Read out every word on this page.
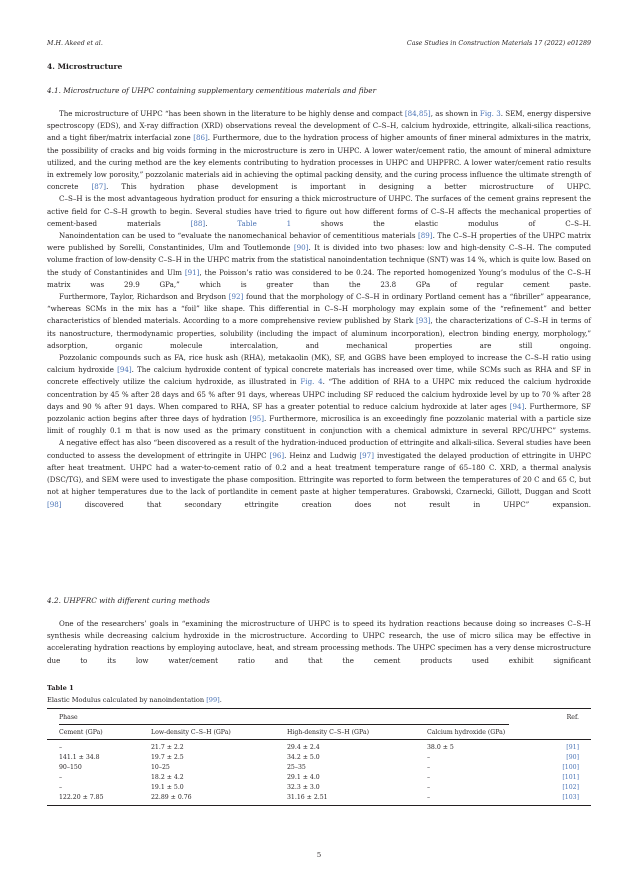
M.H. Akeed et al.	Case Studies in Construction Materials 17 (2022) e01289
4. Microstructure
4.1. Microstructure of UHPC containing supplementary cementitious materials and fiber

The microstructure of UHPC “has been shown in the literature to be highly dense and compact [84,85], as shown in Fig. 3. SEM, energy dispersive spectroscopy (EDS), and X-ray diffraction (XRD) observations reveal the development of C–S–H, calcium hydroxide, ettringite, alkali-silica reactions, and a tight fiber/matrix interfacial zone [86]. Furthermore, due to the hydration process of higher amounts of finer mineral admixtures in the matrix, the possibility of cracks and big voids forming in the microstructure is zero in UHPC. A lower water/cement ratio, the amount of mineral admixture utilized, and the curing method are the key elements contributing to hydration processes in UHPC and UHPFRC. A lower water/cement ratio results in extremely low porosity,” pozzolanic materials aid in achieving the optimal packing density, and the curing process influence the ultimate strength of concrete [87]. This hydration phase development is important in designing a better microstructure of UHPC.

C–S–H is the most advantageous hydration product for ensuring a thick microstructure of UHPC. The surfaces of the cement grains represent the active field for C–S–H growth to begin. Several studies have tried to figure out how different forms of C–S–H affects the mechanical properties of cement-based materials [88]. Table 1 shows the elastic modulus of C–S–H.

Nanoindentation can be used to “evaluate the nanomechanical behavior of cementitious materials [89]. The C–S–H properties of the UHPC matrix were published by Sorelli, Constantinides, Ulm and Toutlemonde [90]. It is divided into two phases: low and high-density C–S–H. The computed volume fraction of low-density C–S–H in the UHPC matrix from the statistical nanoindentation technique (SNT) was 14 %, which is quite low. Based on the study of Constantinides and Ulm [91], the Poisson’s ratio was considered to be 0.24. The reported homogenized Young’s modulus of the C–S–H matrix was 29.9 GPa,” which is greater than the 23.8 GPa of regular cement paste.

Furthermore, Taylor, Richardson and Brydson [92] found that the morphology of C–S–H in ordinary Portland cement has a “fibriller” appearance, “whereas SCMs in the mix has a “foil” like shape. This differential in C–S–H morphology may explain some of the “refinement” and better characteristics of blended materials. According to a more comprehensive review published by Stark [93], the characterizations of C–S–H in terms of its nanostructure, thermodynamic properties, solubility (including the impact of aluminum incorporation), electron binding energy, morphology,” adsorption, organic molecule intercalation, and mechanical properties are still ongoing.

Pozzolanic compounds such as FA, rice husk ash (RHA), metakaolin (MK), SF, and GGBS have been employed to increase the C–S–H ratio using calcium hydroxide [94]. The calcium hydroxide content of typical concrete materials has increased over time, while SCMs such as RHA and SF in concrete effectively utilize the calcium hydroxide, as illustrated in Fig. 4. “The addition of RHA to a UHPC mix reduced the calcium hydroxide concentration by 45 % after 28 days and 65 % after 91 days, whereas UHPC including SF reduced the calcium hydroxide level by up to 70 % after 28 days and 90 % after 91 days. When compared to RHA, SF has a greater potential to reduce calcium hydroxide at later ages [94]. Furthermore, SF pozzolanic action begins after three days of hydration [95]. Furthermore, microsilica is an exceedingly fine pozzolanic material with a particle size limit of roughly 0.1 m that is now used as the primary constituent in conjunction with a chemical admixture in several RPC/UHPC” systems.

A negative effect has also “been discovered as a result of the hydration-induced production of ettringite and alkali-silica. Several studies have been conducted to assess the development of ettringite in UHPC [96]. Heinz and Ludwig [97] investigated the delayed production of ettringite in UHPC after heat treatment. UHPC had a water-to-cement ratio of 0.2 and a heat treatment temperature range of 65–180 C. XRD, a thermal analysis (DSC/TG), and SEM were used to investigate the phase composition. Ettringite was reported to form between the temperatures of 20 C and 65 C, but not at higher temperatures due to the lack of portlandite in cement paste at higher temperatures. Grabowski, Czarnecki, Gillott, Duggan and Scott [98] discovered that secondary ettringite creation does not result in UHPC” expansion.

4.2. UHPFRC with different curing methods

One of the researchers’ goals in “examining the microstructure of UHPC is to speed its hydration reactions because doing so increases C–S–H synthesis while decreasing calcium hydroxide in the microstructure. According to UHPC research, the use of micro silica may be effective in accelerating hydration reactions by employing autoclave, heat, and stream processing methods. The UHPC specimen has a very dense microstructure due to its low water/cement ratio and that the cement products used exhibit significant

Table 1
Elastic Modulus calculated by nanoindentation [99].
Phase	Ref.
Cement (GPa)	Low-density C–S–H (GPa)	High-density C–S–H (GPa)	Calcium hydroxide (GPa)
–	21.7 ± 2.2	29.4 ± 2.4	38.0 ± 5	[91]
141.1 ± 34.8	19.7 ± 2.5	34.2 ± 5.0	–	[90]
90–150	10–25	25–35	–	[100]
–	18.2 ± 4.2	29.1 ± 4.0	–	[101]
–	19.1 ± 5.0	32.3 ± 3.0	–	[102]
122.20 ± 7.85	22.89 ± 0.76	31.16 ± 2.51	–	[103]
5
